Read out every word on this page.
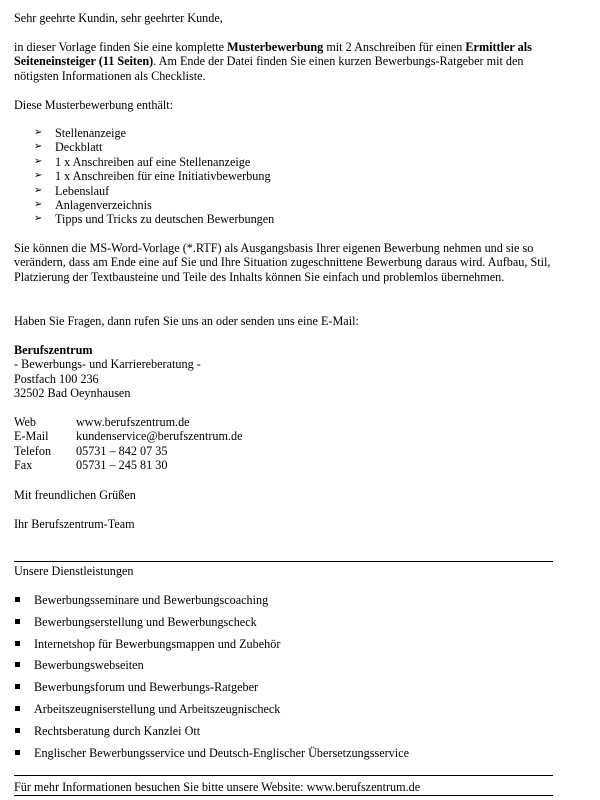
Sehr geehrte Kundin, sehr geehrter Kunde,

in dieser Vorlage finden Sie eine komplette Musterbewerbung mit 2 Anschreiben für einen Ermittler als Seiteneinsteiger (11 Seiten). Am Ende der Datei finden Sie einen kurzen Bewerbungs-Ratgeber mit den nötigsten Informationen als Checkliste.

Diese Musterbewerbung enthält:

➢ Stellenanzeige
➢ Deckblatt
➢ 1 x Anschreiben auf eine Stellenanzeige
➢ 1 x Anschreiben für eine Initiativbewerbung
➢ Lebenslauf
➢ Anlagenverzeichnis
➢ Tipps und Tricks zu deutschen Bewerbungen

Sie können die MS-Word-Vorlage (*.RTF) als Ausgangsbasis Ihrer eigenen Bewerbung nehmen und sie so verändern, dass am Ende eine auf Sie und Ihre Situation zugeschnittene Bewerbung daraus wird. Aufbau, Stil, Platzierung der Textbausteine und Teile des Inhalts können Sie einfach und problemlos übernehmen.

Haben Sie Fragen, dann rufen Sie uns an oder senden uns eine E-Mail:

Berufszentrum
- Bewerbungs- und Karriereberatung -
Postfach 100 236
32502 Bad Oeynhausen
Web	www.berufszentrum.de
E-Mail	kundenservice@berufszentrum.de
Telefon	05731 – 842 07 35
Fax	05731 – 245 81 30

Mit freundlichen Grüßen

Ihr Berufszentrum-Team

Unsere Dienstleistungen

Bewerbungsseminare und Bewerbungscoaching
Bewerbungserstellung und Bewerbungscheck
Internetshop für Bewerbungsmappen und Zubehör
Bewerbungswebseiten
Bewerbungsforum und Bewerbungs-Ratgeber
Arbeitszeugniserstellung und Arbeitszeugnischeck
Rechtsberatung durch Kanzlei Ott
Englischer Bewerbungsservice und Deutsch-Englischer Übersetzungsservice

Für mehr Informationen besuchen Sie bitte unsere Website: www.berufszentrum.de
